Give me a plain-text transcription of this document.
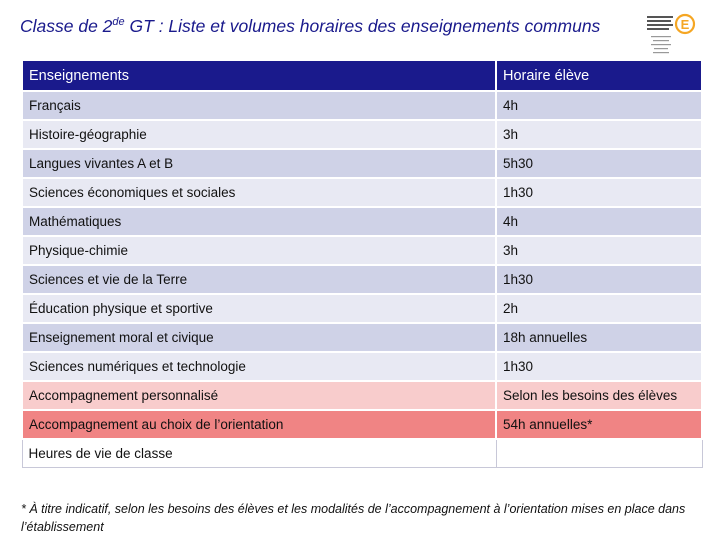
Classe de 2de GT : Liste et volumes horaires des enseignements communs	E
Enseignements	Horaire élève
Français	4h
Histoire-géographie	3h
Langues vivantes A et B	5h30
Sciences économiques et sociales	1h30
Mathématiques	4h
Physique-chimie	3h
Sciences et vie de la Terre	1h30
Éducation physique et sportive	2h
Enseignement moral et civique	18h annuelles
Sciences numériques et technologie	1h30
Accompagnement personnalisé	Selon les besoins des élèves
Accompagnement au choix de l’orientation	54h annuelles*
Heures de vie de classe	
* À titre indicatif, selon les besoins des élèves et les modalités de l’accompagnement à l’orientation mises en place dans l’établissement
